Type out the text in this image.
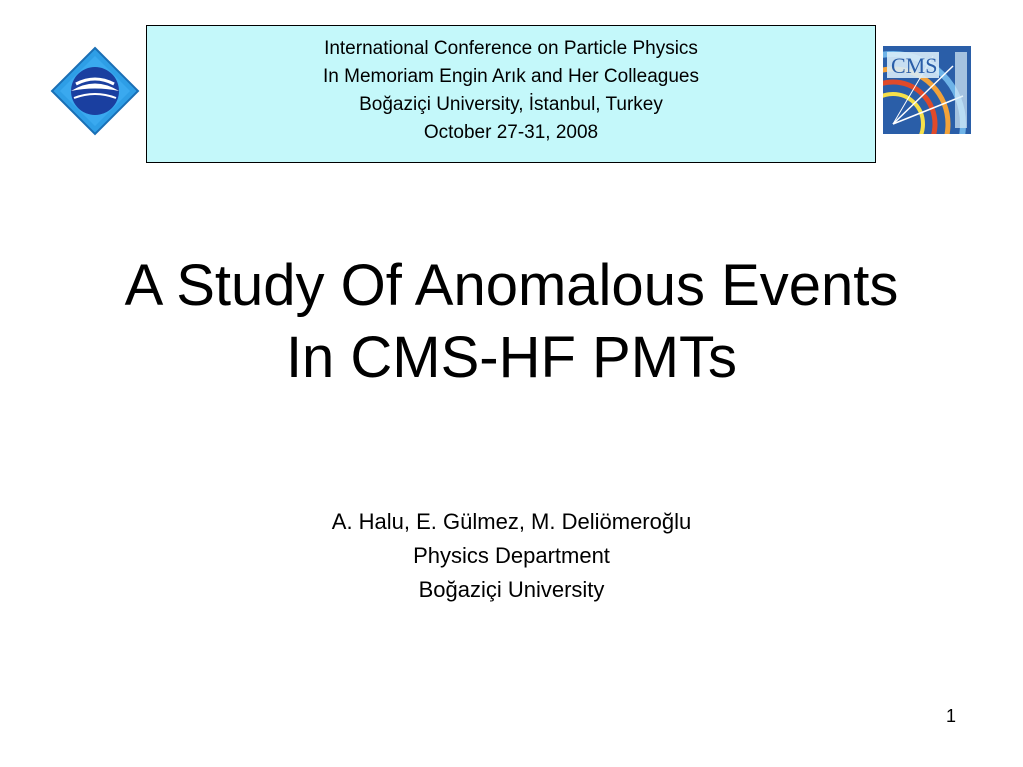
International Conference on Particle Physics
In Memoriam Engin Arık and Her Colleagues
Boğaziçi University, İstanbul, Turkey
October 27-31, 2008
CMS
A Study Of Anomalous Events
In CMS-HF PMTs
A. Halu, E. Gülmez, M. Deliömeroğlu
Physics Department
Boğaziçi University
1
